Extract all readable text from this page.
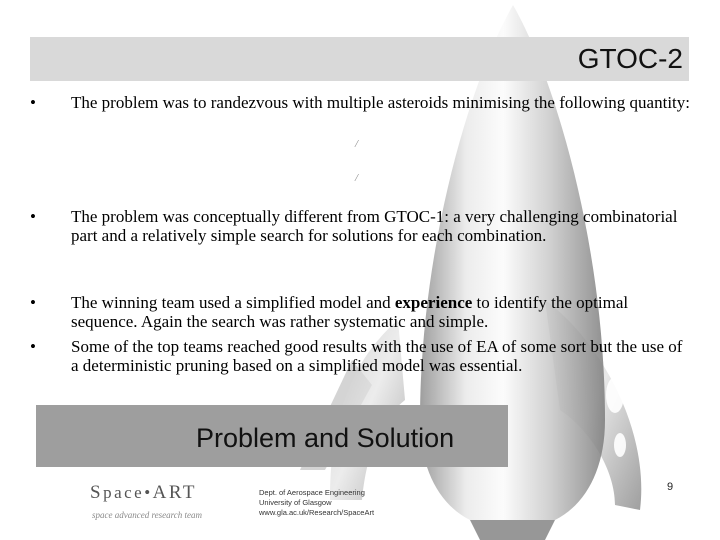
GTOC-2
• The problem was to randezvous with multiple asteroids minimising the following quantity:
• The problem was conceptually different from GTOC-1: a very challenging combinatorial part and a relatively simple search for solutions for each combination.
• The winning team used a simplified model and experience to identify the optimal sequence. Again the search was rather systematic and simple.
• Some of the top teams reached good results with the use of EA of some sort but the use of a deterministic pruning based on a simplified model was essential.
/
/
Problem and Solution
Space•ART
space advanced research team
Dept. of Aerospace Engineering
University of Glasgow
www.gla.ac.uk/Research/SpaceArt
9
